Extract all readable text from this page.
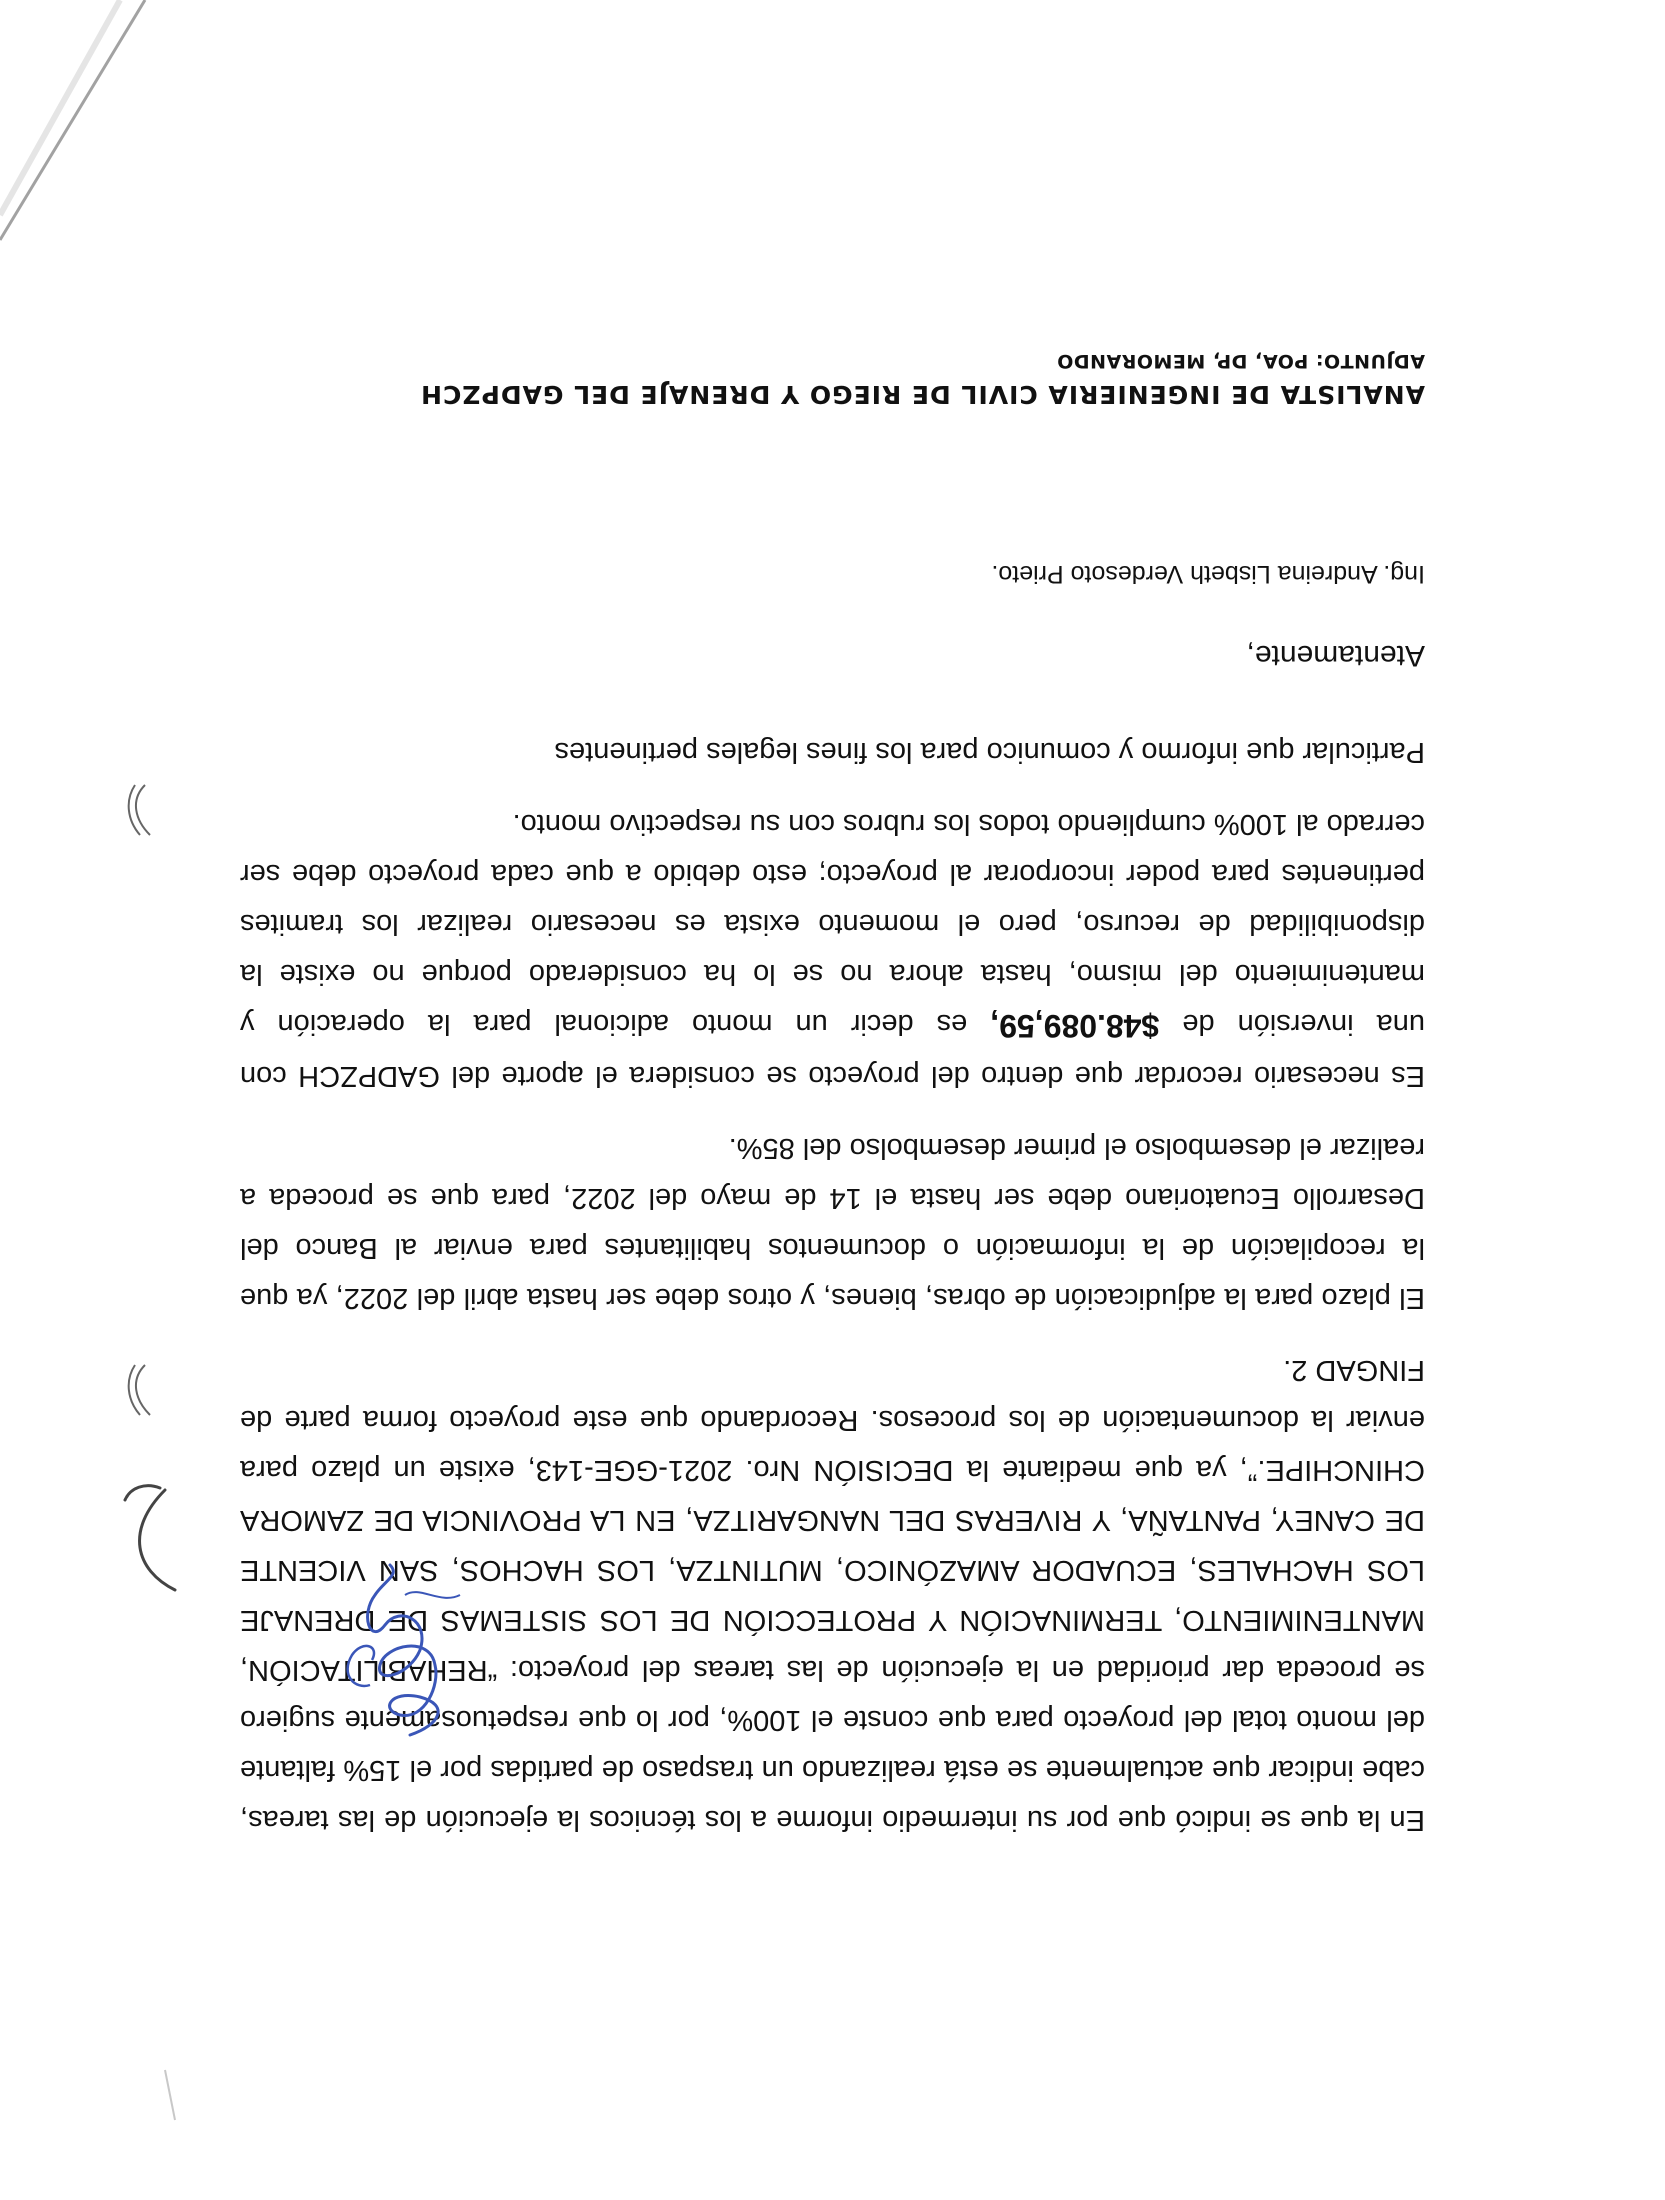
En la que se indicó que por su intermedio informe a los técnicos la ejecución de las tareas, cabe indicar que actualmente se está realizando un traspaso de partidas por el 15% faltante del monto total del proyecto para que conste el 100%, por lo que respetuosamente sugiero se proceda dar prioridad en la ejecución de las tareas del proyecto: “REHABILITACIÓN, MANTENIMIENTO, TERMINACIÓN Y PROTECCIÓN DE LOS SISTEMAS DE DRENAJE LOS HACHALES, ECUADOR AMAZÓNICO, MUTINTZA, LOS HACHOS, SAN VICENTE DE CANEY, PANTAÑA, Y RIVERAS DEL NANGARITZA, EN LA PROVINCIA DE ZAMORA CHINCHIPE.”, ya que mediante la DECISIÓN Nro. 2021-GGE-143, existe un plazo para enviar la documentación de los procesos. Recordando que este proyecto forma parte de FINGAD 2.

El plazo para la adjudicación de obras, bienes, y otros debe ser hasta abril del 2022, ya que la recopilación de la información o documentos habilitantes para enviar al Banco del Desarrollo Ecuatoriano debe ser hasta el 14 de mayo del 2022, para que se proceda a realizar el desembolso el primer desembolso del 85%.

Es necesario recordar que dentro del proyecto se considera el aporte del GADPZCH con una inversión de $48.089,59, es decir un monto adicional para la operación y mantenimiento del mismo, hasta ahora no se lo ha considerado porque no existe la disponibilidad de recurso, pero el momento exista es necesario realizar los tramites pertinentes para poder incorporar al proyecto; esto debido a que cada proyecto debe ser cerrado al 100% cumpliendo todos los rubros con su respectivo monto.

Particular que informo y comunico para los fines legales pertinentes

Atentamente,
Ing. Andreina Lisbeth Verdesoto Prieto.
ANALISTA DE INGENIERIA CIVIL DE RIEGO Y DRENAJE DEL GADPZCH
ADJUNTO: POA, DP, MEMORANDO
